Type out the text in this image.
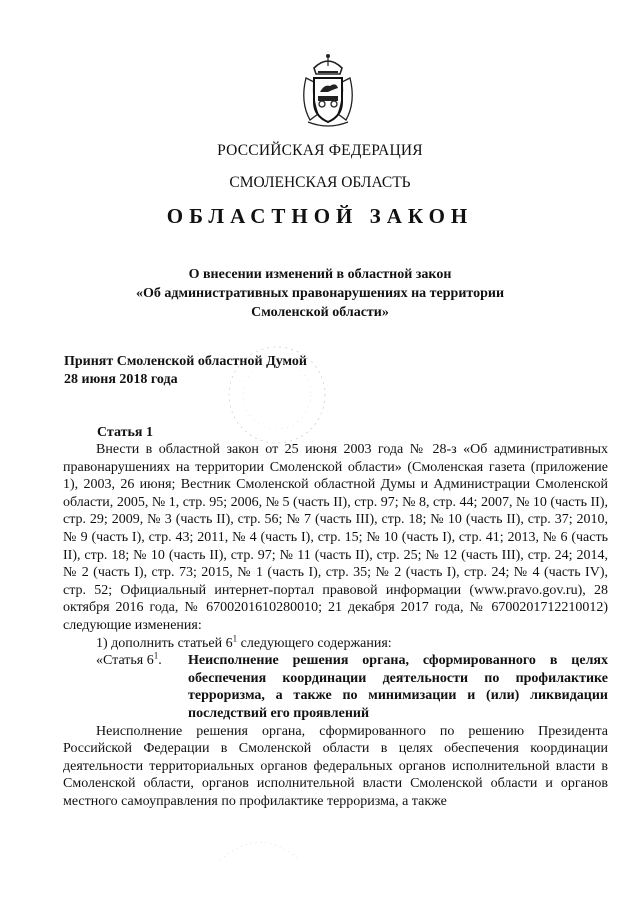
РОССИЙСКАЯ ФЕДЕРАЦИЯ
СМОЛЕНСКАЯ ОБЛАСТЬ
ОБЛАСТНОЙ ЗАКОН
О внесении изменений в областной закон
«Об административных правонарушениях на территории
Смоленской области»
Принят Смоленской областной Думой
28 июня 2018 года
Статья 1

Внести в областной закон от 25 июня 2003 года № 28-з «Об административных правонарушениях на территории Смоленской области» (Смоленская газета (приложение 1), 2003, 26 июня; Вестник Смоленской областной Думы и Администрации Смоленской области, 2005, № 1, стр. 95; 2006, № 5 (часть II), стр. 97; № 8, стр. 44; 2007, № 10 (часть II), стр. 29; 2009, № 3 (часть II), стр. 56; № 7 (часть III), стр. 18; № 10 (часть II), стр. 37; 2010, № 9 (часть I), стр. 43; 2011, № 4 (часть I), стр. 15; № 10 (часть I), стр. 41; 2013, № 6 (часть II), стр. 18; № 10 (часть II), стр. 97; № 11 (часть II), стр. 25; № 12 (часть III), стр. 24; 2014, № 2 (часть I), стр. 73; 2015, № 1 (часть I), стр. 35; № 2 (часть I), стр. 24; № 4 (часть IV), стр. 52; Официальный интернет-портал правовой информации (www.pravo.gov.ru), 28 октября 2016 года, № 6700201610280010; 21 декабря 2017 года, № 6700201712210012) следующие изменения:

1) дополнить статьей $6^1$ следующего содержания:

«Статья $6^1$.	Неисполнение решения органа, сформированного в целях обеспечения координации деятельности по профилактике терроризма, а также по минимизации и (или) ликвидации последствий его проявлений

Неисполнение решения органа, сформированного по решению Президента Российской Федерации в Смоленской области в целях обеспечения координации деятельности территориальных органов федеральных органов исполнительной власти в Смоленской области, органов исполнительной власти Смоленской области и органов местного самоуправления по профилактике терроризма, а также
